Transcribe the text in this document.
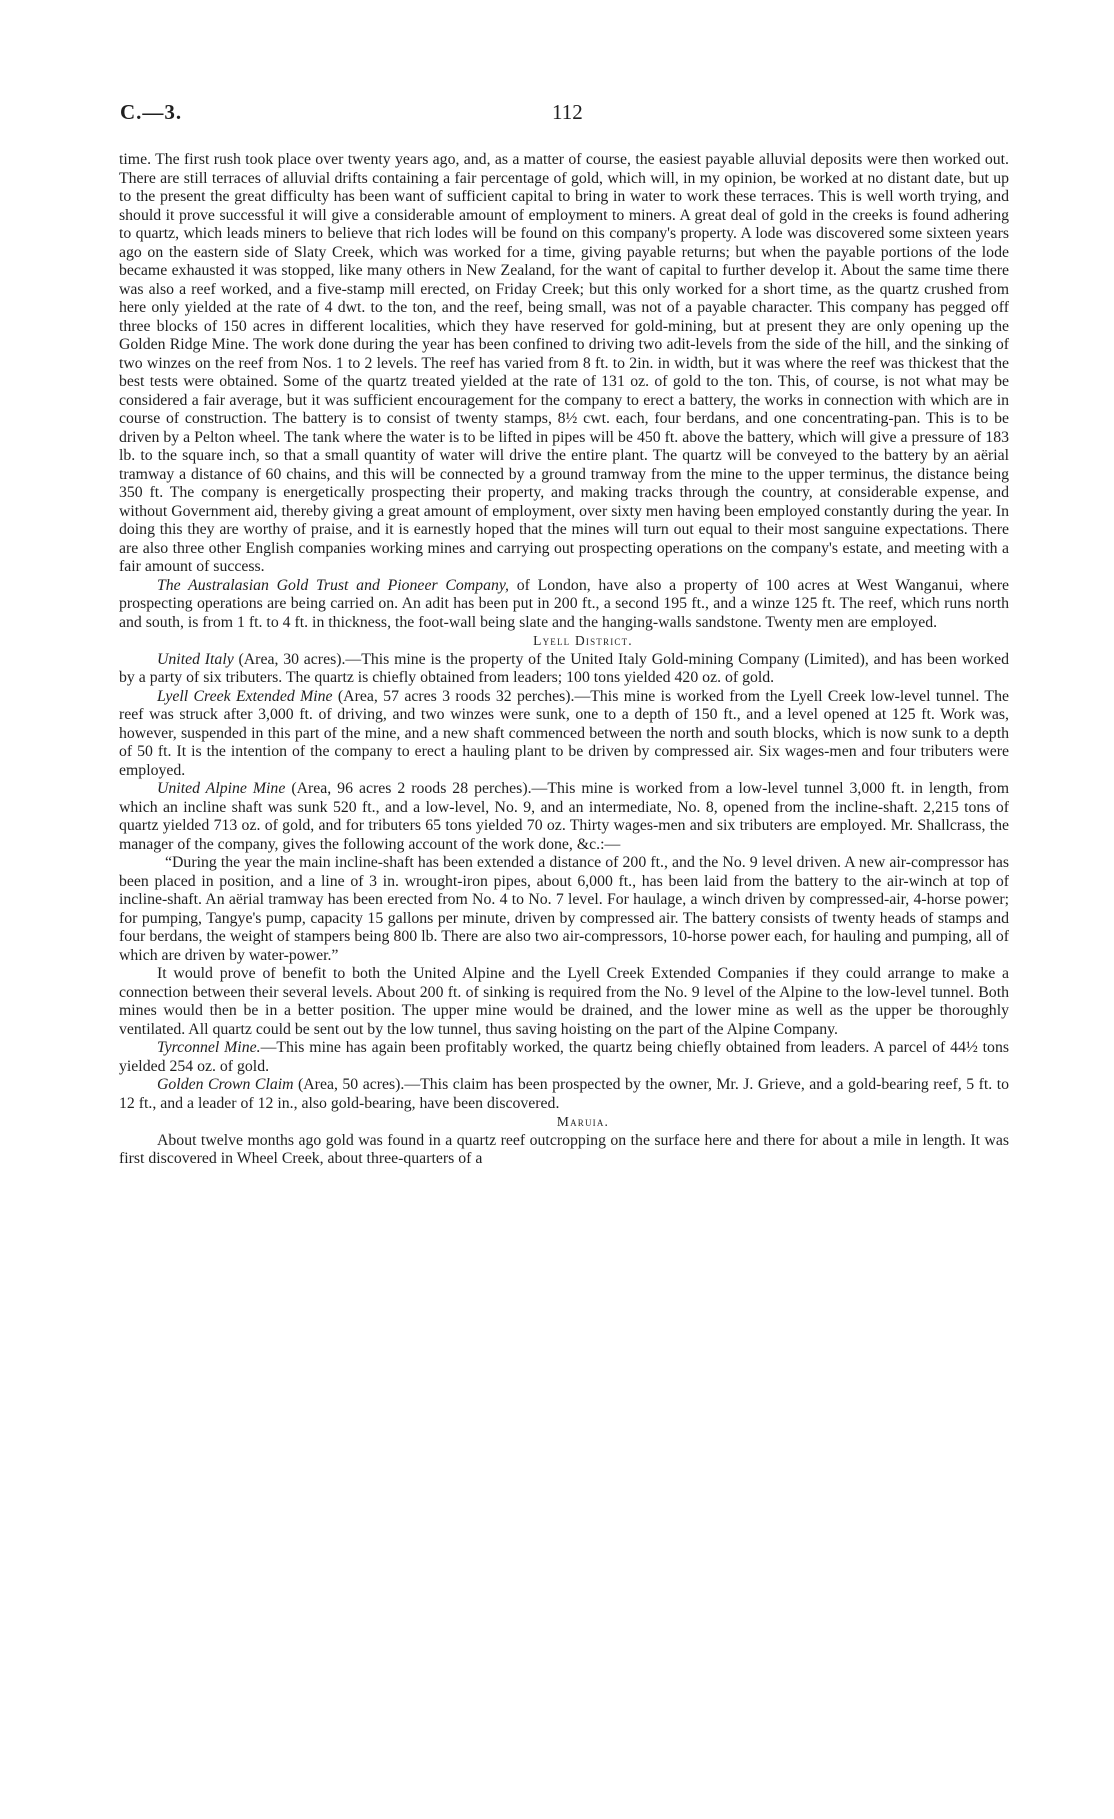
C.—3.	112

time. The first rush took place over twenty years ago, and, as a matter of course, the easiest payable alluvial deposits were then worked out. There are still terraces of alluvial drifts containing a fair percentage of gold, which will, in my opinion, be worked at no distant date, but up to the present the great difficulty has been want of sufficient capital to bring in water to work these terraces. This is well worth trying, and should it prove successful it will give a considerable amount of employment to miners. A great deal of gold in the creeks is found adhering to quartz, which leads miners to believe that rich lodes will be found on this company's property. A lode was discovered some sixteen years ago on the eastern side of Slaty Creek, which was worked for a time, giving payable returns; but when the payable portions of the lode became exhausted it was stopped, like many others in New Zealand, for the want of capital to further develop it. About the same time there was also a reef worked, and a five-stamp mill erected, on Friday Creek; but this only worked for a short time, as the quartz crushed from here only yielded at the rate of 4 dwt. to the ton, and the reef, being small, was not of a payable character. This company has pegged off three blocks of 150 acres in different localities, which they have reserved for gold-mining, but at present they are only opening up the Golden Ridge Mine. The work done during the year has been confined to driving two adit-levels from the side of the hill, and the sinking of two winzes on the reef from Nos. 1 to 2 levels. The reef has varied from 8 ft. to 2in. in width, but it was where the reef was thickest that the best tests were obtained. Some of the quartz treated yielded at the rate of 131 oz. of gold to the ton. This, of course, is not what may be considered a fair average, but it was sufficient encouragement for the company to erect a battery, the works in connection with which are in course of construction. The battery is to consist of twenty stamps, 8½ cwt. each, four berdans, and one concentrating-pan. This is to be driven by a Pelton wheel. The tank where the water is to be lifted in pipes will be 450 ft. above the battery, which will give a pressure of 183 lb. to the square inch, so that a small quantity of water will drive the entire plant. The quartz will be conveyed to the battery by an aërial tramway a distance of 60 chains, and this will be connected by a ground tramway from the mine to the upper terminus, the distance being 350 ft. The company is energetically prospecting their property, and making tracks through the country, at considerable expense, and without Government aid, thereby giving a great amount of employment, over sixty men having been employed constantly during the year. In doing this they are worthy of praise, and it is earnestly hoped that the mines will turn out equal to their most sanguine expectations. There are also three other English companies working mines and carrying out prospecting operations on the company's estate, and meeting with a fair amount of success.

The Australasian Gold Trust and Pioneer Company, of London, have also a property of 100 acres at West Wanganui, where prospecting operations are being carried on. An adit has been put in 200 ft., a second 195 ft., and a winze 125 ft. The reef, which runs north and south, is from 1 ft. to 4 ft. in thickness, the foot-wall being slate and the hanging-walls sandstone. Twenty men are employed.

Lyell District.

United Italy (Area, 30 acres).—This mine is the property of the United Italy Gold-mining Company (Limited), and has been worked by a party of six tributers. The quartz is chiefly obtained from leaders; 100 tons yielded 420 oz. of gold.

Lyell Creek Extended Mine (Area, 57 acres 3 roods 32 perches).—This mine is worked from the Lyell Creek low-level tunnel. The reef was struck after 3,000 ft. of driving, and two winzes were sunk, one to a depth of 150 ft., and a level opened at 125 ft. Work was, however, suspended in this part of the mine, and a new shaft commenced between the north and south blocks, which is now sunk to a depth of 50 ft. It is the intention of the company to erect a hauling plant to be driven by compressed air. Six wages-men and four tributers were employed.

United Alpine Mine (Area, 96 acres 2 roods 28 perches).—This mine is worked from a low-level tunnel 3,000 ft. in length, from which an incline shaft was sunk 520 ft., and a low-level, No. 9, and an intermediate, No. 8, opened from the incline-shaft. 2,215 tons of quartz yielded 713 oz. of gold, and for tributers 65 tons yielded 70 oz. Thirty wages-men and six tributers are employed. Mr. Shallcrass, the manager of the company, gives the following account of the work done, &c.:—

“During the year the main incline-shaft has been extended a distance of 200 ft., and the No. 9 level driven. A new air-compressor has been placed in position, and a line of 3 in. wrought-iron pipes, about 6,000 ft., has been laid from the battery to the air-winch at top of incline-shaft. An aërial tramway has been erected from No. 4 to No. 7 level. For haulage, a winch driven by compressed-air, 4-horse power; for pumping, Tangye's pump, capacity 15 gallons per minute, driven by compressed air. The battery consists of twenty heads of stamps and four berdans, the weight of stampers being 800 lb. There are also two air-compressors, 10-horse power each, for hauling and pumping, all of which are driven by water-power.”

It would prove of benefit to both the United Alpine and the Lyell Creek Extended Companies if they could arrange to make a connection between their several levels. About 200 ft. of sinking is required from the No. 9 level of the Alpine to the low-level tunnel. Both mines would then be in a better position. The upper mine would be drained, and the lower mine as well as the upper be thoroughly ventilated. All quartz could be sent out by the low tunnel, thus saving hoisting on the part of the Alpine Company.

Tyrconnel Mine.—This mine has again been profitably worked, the quartz being chiefly obtained from leaders. A parcel of 44½ tons yielded 254 oz. of gold.

Golden Crown Claim (Area, 50 acres).—This claim has been prospected by the owner, Mr. J. Grieve, and a gold-bearing reef, 5 ft. to 12 ft., and a leader of 12 in., also gold-bearing, have been discovered.

Maruia.

About twelve months ago gold was found in a quartz reef outcropping on the surface here and there for about a mile in length. It was first discovered in Wheel Creek, about three-quarters of a
